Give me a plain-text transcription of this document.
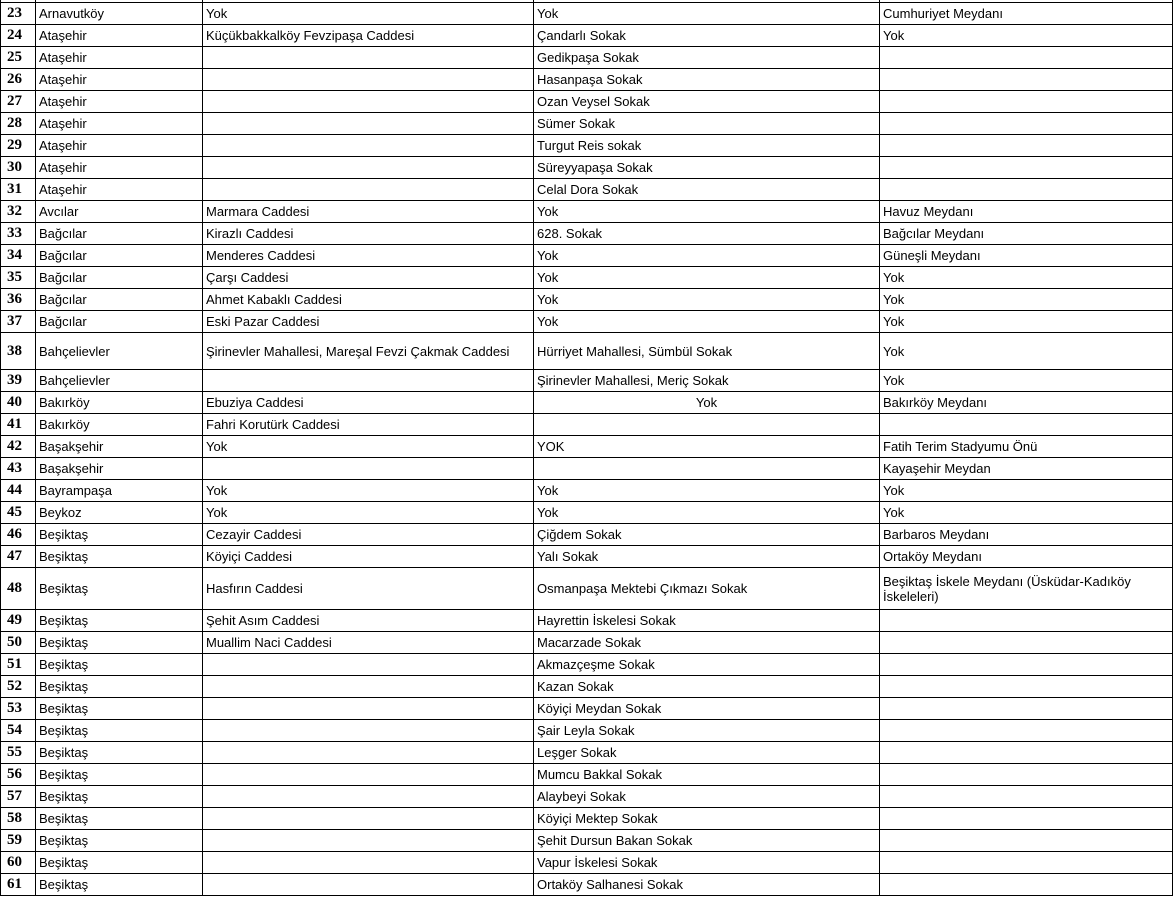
23	Arnavutköy	Yok	Yok	Cumhuriyet Meydanı
24	Ataşehir	Küçükbakkalköy Fevzipaşa Caddesi	Çandarlı Sokak	Yok
25	Ataşehir		Gedikpaşa Sokak	
26	Ataşehir		Hasanpaşa Sokak	
27	Ataşehir		Ozan Veysel Sokak	
28	Ataşehir		Sümer Sokak	
29	Ataşehir		Turgut Reis sokak	
30	Ataşehir		Süreyyapaşa Sokak	
31	Ataşehir		Celal Dora Sokak	
32	Avcılar	Marmara Caddesi	Yok	Havuz Meydanı
33	Bağcılar	Kirazlı Caddesi	628. Sokak	Bağcılar Meydanı
34	Bağcılar	Menderes Caddesi	Yok	Güneşli Meydanı
35	Bağcılar	Çarşı Caddesi	Yok	Yok
36	Bağcılar	Ahmet Kabaklı Caddesi	Yok	Yok
37	Bağcılar	Eski Pazar Caddesi	Yok	Yok
38	Bahçelievler	Şirinevler Mahallesi, Mareşal Fevzi Çakmak Caddesi	Hürriyet Mahallesi, Sümbül Sokak	Yok
39	Bahçelievler		Şirinevler Mahallesi, Meriç Sokak	Yok
40	Bakırköy	Ebuziya Caddesi	Yok	Bakırköy Meydanı
41	Bakırköy	Fahri Korutürk Caddesi		
42	Başakşehir	Yok	YOK	Fatih Terim Stadyumu Önü
43	Başakşehir			Kayaşehir Meydan
44	Bayrampaşa	Yok	Yok	Yok
45	Beykoz	Yok	Yok	Yok
46	Beşiktaş	Cezayir Caddesi	Çiğdem Sokak	Barbaros Meydanı
47	Beşiktaş	Köyiçi Caddesi	Yalı Sokak	Ortaköy Meydanı
48	Beşiktaş	Hasfırın Caddesi	Osmanpaşa Mektebi Çıkmazı Sokak	Beşiktaş İskele Meydanı (Üsküdar-Kadıköy İskeleleri)
49	Beşiktaş	Şehit Asım Caddesi	Hayrettin İskelesi Sokak	
50	Beşiktaş	Muallim Naci Caddesi	Macarzade Sokak	
51	Beşiktaş		Akmazçeşme Sokak	
52	Beşiktaş		Kazan Sokak	
53	Beşiktaş		Köyiçi Meydan Sokak	
54	Beşiktaş		Şair Leyla Sokak	
55	Beşiktaş		Leşger Sokak	
56	Beşiktaş		Mumcu Bakkal Sokak	
57	Beşiktaş		Alaybeyi Sokak	
58	Beşiktaş		Köyiçi Mektep Sokak	
59	Beşiktaş		Şehit Dursun Bakan Sokak	
60	Beşiktaş		Vapur İskelesi Sokak	
61	Beşiktaş		Ortaköy Salhanesi Sokak	
